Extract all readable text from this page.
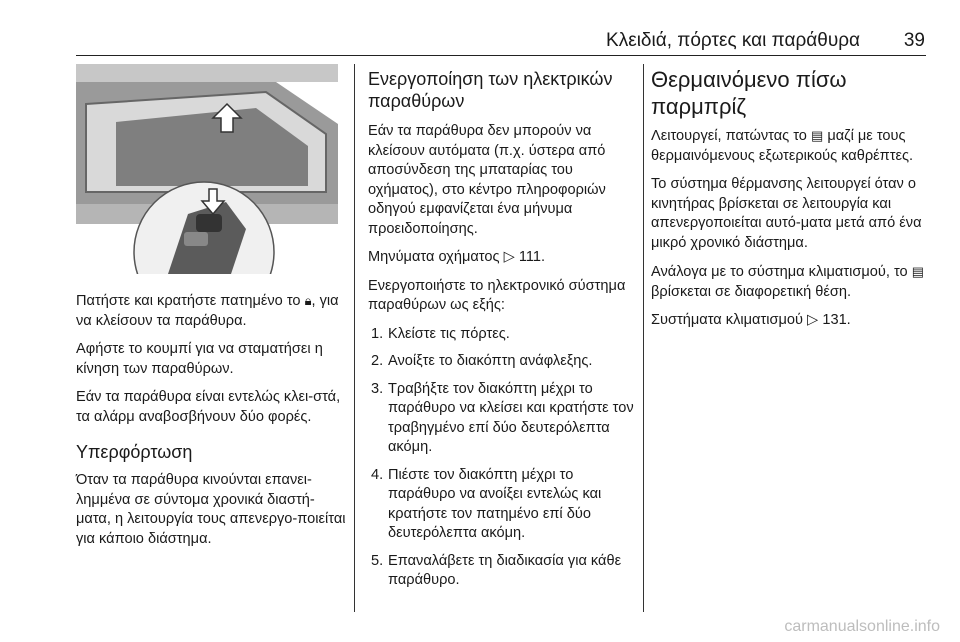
Κλειδιά, πόρτες και παράθυρα 39

Πατήστε και κρατήστε πατημένο το 🔒︎, για να κλείσουν τα παράθυρα.

Αφήστε το κουμπί για να σταματήσει η κίνηση των παραθύρων.

Εάν τα παράθυρα είναι εντελώς κλει-στά, τα αλάρμ αναβοσβήνουν δύο φορές.

Υπερφόρτωση

Όταν τα παράθυρα κινούνται επανει-λημμένα σε σύντομα χρονικά διαστή-ματα, η λειτουργία τους απενεργο-ποιείται για κάποιο διάστημα.

Ενεργοποίηση των ηλεκτρικών παραθύρων

Εάν τα παράθυρα δεν μπορούν να κλείσουν αυτόματα (π.χ. ύστερα από αποσύνδεση της μπαταρίας του οχήματος), στο κέντρο πληροφοριών οδηγού εμφανίζεται ένα μήνυμα προειδοποίησης.

Μηνύματα οχήματος ▷ 111.

Ενεργοποιήστε το ηλεκτρονικό σύστημα παραθύρων ως εξής:

1. Κλείστε τις πόρτες.
2. Ανοίξτε το διακόπτη ανάφλεξης.
3. Τραβήξτε τον διακόπτη μέχρι το παράθυρο να κλείσει και κρατήστε τον τραβηγμένο επί δύο δευτερόλεπτα ακόμη.
4. Πιέστε τον διακόπτη μέχρι το παράθυρο να ανοίξει εντελώς και κρατήστε τον πατημένο επί δύο δευτερόλεπτα ακόμη.
5. Επαναλάβετε τη διαδικασία για κάθε παράθυρο.
Θερμαινόμενο πίσω παρμπρίζ

Λειτουργεί, πατώντας το ▤ μαζί με τους θερμαινόμενους εξωτερικούς καθρέπτες.

Το σύστημα θέρμανσης λειτουργεί όταν ο κινητήρας βρίσκεται σε λειτουργία και απενεργοποιείται αυτό-ματα μετά από ένα μικρό χρονικό διάστημα.

Ανάλογα με το σύστημα κλιματισμού, το ▤ βρίσκεται σε διαφορετική θέση.

Συστήματα κλιματισμού ▷ 131.

carmanualsonline.info
